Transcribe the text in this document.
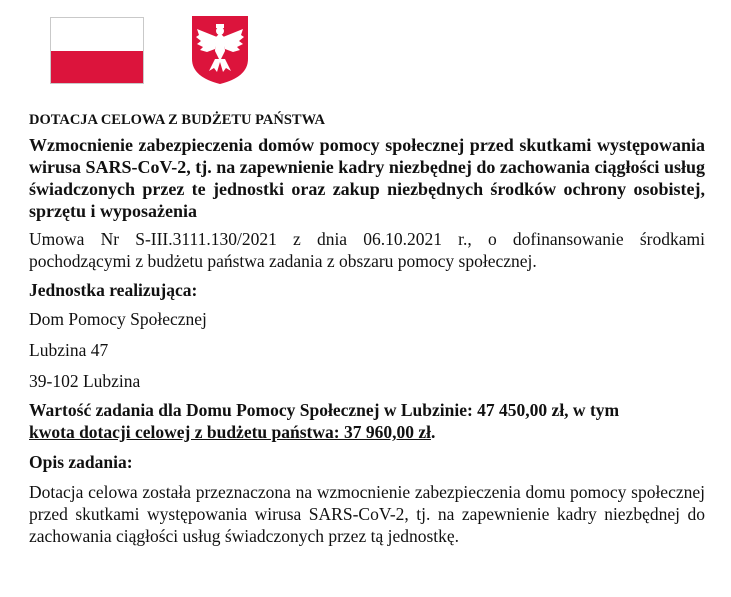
DOTACJA CELOWA Z BUDŻETU PAŃSTWA
Wzmocnienie zabezpieczenia domów pomocy społecznej przed skutkami występowania wirusa SARS-CoV-2, tj. na zapewnienie kadry niezbędnej do zachowania ciągłości usług świadczonych przez te jednostki oraz zakup niezbędnych środków ochrony osobistej, sprzętu i wyposażenia
Umowa Nr S-III.3111.130/2021 z dnia 06.10.2021 r., o dofinansowanie środkami pochodzącymi z budżetu państwa zadania z obszaru pomocy społecznej.
Jednostka realizująca:
Dom Pomocy Społecznej
Lubzina 47
39-102 Lubzina
Wartość zadania dla Domu Pomocy Społecznej w Lubzinie: 47 450,00 zł, w tym
kwota dotacji celowej z budżetu państwa: 37 960,00 zł.
Opis zadania:
Dotacja celowa została przeznaczona na wzmocnienie zabezpieczenia domu pomocy społecznej przed skutkami występowania wirusa SARS-CoV-2, tj. na zapewnienie kadry niezbędnej do zachowania ciągłości usług świadczonych przez tą jednostkę.
